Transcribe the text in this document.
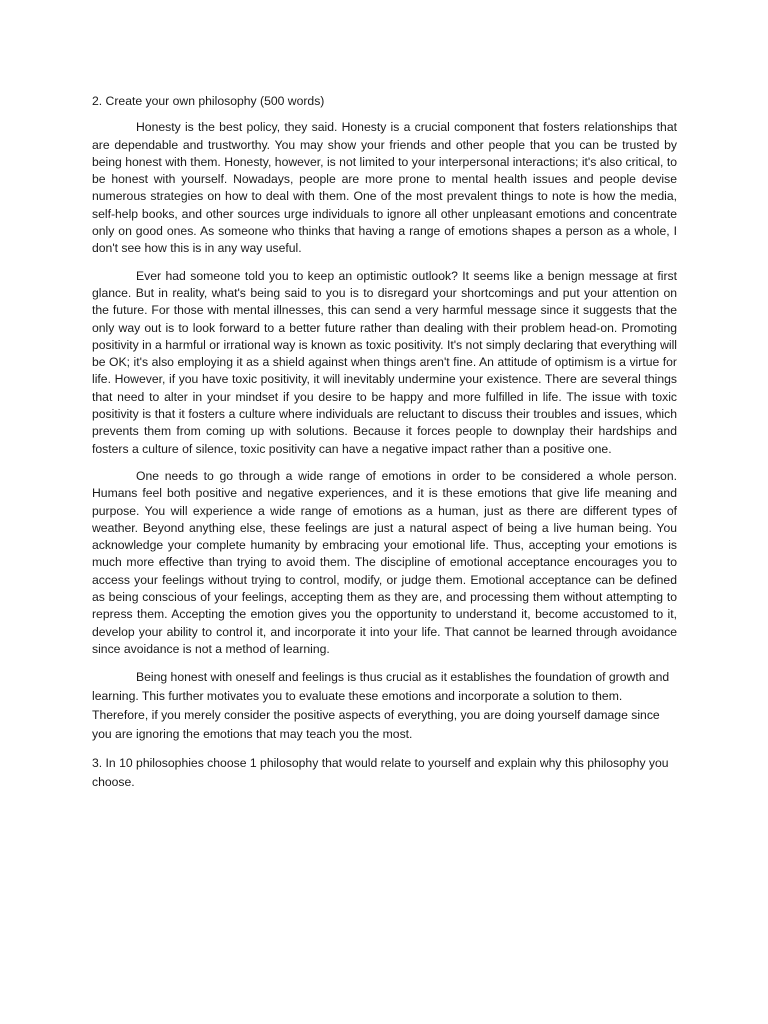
2. Create your own philosophy (500 words)

Honesty is the best policy, they said. Honesty is a crucial component that fosters relationships that are dependable and trustworthy. You may show your friends and other people that you can be trusted by being honest with them. Honesty, however, is not limited to your interpersonal interactions; it's also critical, to be honest with yourself. Nowadays, people are more prone to mental health issues and people devise numerous strategies on how to deal with them. One of the most prevalent things to note is how the media, self-help books, and other sources urge individuals to ignore all other unpleasant emotions and concentrate only on good ones. As someone who thinks that having a range of emotions shapes a person as a whole, I don't see how this is in any way useful.

Ever had someone told you to keep an optimistic outlook? It seems like a benign message at first glance. But in reality, what's being said to you is to disregard your shortcomings and put your attention on the future. For those with mental illnesses, this can send a very harmful message since it suggests that the only way out is to look forward to a better future rather than dealing with their problem head-on. Promoting positivity in a harmful or irrational way is known as toxic positivity. It's not simply declaring that everything will be OK; it's also employing it as a shield against when things aren't fine. An attitude of optimism is a virtue for life. However, if you have toxic positivity, it will inevitably undermine your existence. There are several things that need to alter in your mindset if you desire to be happy and more fulfilled in life. The issue with toxic positivity is that it fosters a culture where individuals are reluctant to discuss their troubles and issues, which prevents them from coming up with solutions. Because it forces people to downplay their hardships and fosters a culture of silence, toxic positivity can have a negative impact rather than a positive one.

One needs to go through a wide range of emotions in order to be considered a whole person. Humans feel both positive and negative experiences, and it is these emotions that give life meaning and purpose. You will experience a wide range of emotions as a human, just as there are different types of weather. Beyond anything else, these feelings are just a natural aspect of being a live human being. You acknowledge your complete humanity by embracing your emotional life. Thus, accepting your emotions is much more effective than trying to avoid them. The discipline of emotional acceptance encourages you to access your feelings without trying to control, modify, or judge them. Emotional acceptance can be defined as being conscious of your feelings, accepting them as they are, and processing them without attempting to repress them. Accepting the emotion gives you the opportunity to understand it, become accustomed to it, develop your ability to control it, and incorporate it into your life. That cannot be learned through avoidance since avoidance is not a method of learning.

Being honest with oneself and feelings is thus crucial as it establishes the foundation of growth and learning. This further motivates you to evaluate these emotions and incorporate a solution to them. Therefore, if you merely consider the positive aspects of everything, you are doing yourself damage since you are ignoring the emotions that may teach you the most.

3. In 10 philosophies choose 1 philosophy that would relate to yourself and explain why this philosophy you choose.
